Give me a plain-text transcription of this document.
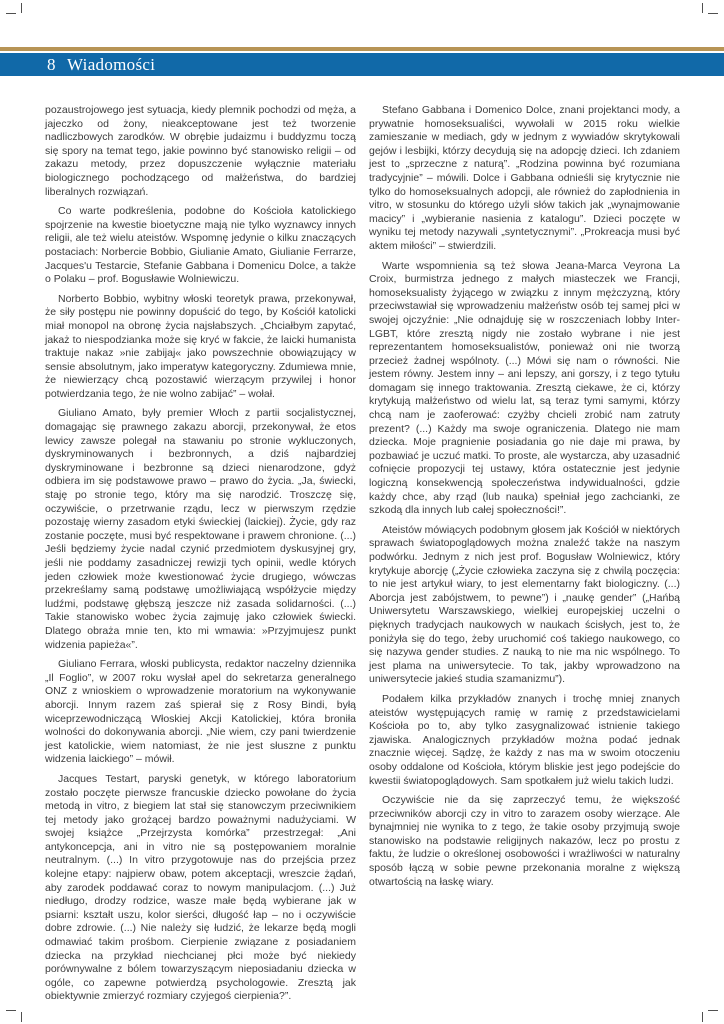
8 Wiadomości

pozaustrojowego jest sytuacja, kiedy plemnik pochodzi od męża, a jajeczko od żony, nieakceptowane jest też tworzenie nadliczbowych zarodków. W obrębie judaizmu i buddyzmu toczą się spory na temat tego, jakie powinno być stanowisko religii – od zakazu metody, przez dopuszczenie wyłącznie materiału biologicznego pochodzącego od małżeństwa, do bardziej liberalnych rozwiązań.

Co warte podkreślenia, podobne do Kościoła katolickiego spojrzenie na kwestie bioetyczne mają nie tylko wyznawcy innych religii, ale też wielu ateistów. Wspomnę jedynie o kilku znaczących postaciach: Norbercie Bobbio, Giulianie Amato, Giulianie Ferrarze, Jacques'u Testarcie, Stefanie Gabbana i Domenicu Dolce, a także o Polaku – prof. Bogusławie Wolniewiczu.

Norberto Bobbio, wybitny włoski teoretyk prawa, przekonywał, że siły postępu nie powinny dopuścić do tego, by Kościół katolicki miał monopol na obronę życia najsłabszych. „Chciałbym zapytać, jakaż to niespodzianka może się kryć w fakcie, że laicki humanista traktuje nakaz »nie zabijaj« jako powszechnie obowiązujący w sensie absolutnym, jako imperatyw kategoryczny. Zdumiewa mnie, że niewierzący chcą pozostawić wierzącym przywilej i honor potwierdzania tego, że nie wolno zabijać” – wołał.

Giuliano Amato, były premier Włoch z partii socjalistycznej, domagając się prawnego zakazu aborcji, przekonywał, że etos lewicy zawsze polegał na stawaniu po stronie wykluczonych, dyskryminowanych i bezbronnych, a dziś najbardziej dyskryminowane i bezbronne są dzieci nienarodzone, gdyż odbiera im się podstawowe prawo – prawo do życia. „Ja, świecki, staję po stronie tego, który ma się narodzić. Troszczę się, oczywiście, o przetrwanie rządu, lecz w pierwszym rzędzie pozostaję wierny zasadom etyki świeckiej (laickiej). Życie, gdy raz zostanie poczęte, musi być respektowane i prawem chronione. (...) Jeśli będziemy życie nadal czynić przedmiotem dyskusyjnej gry, jeśli nie poddamy zasadniczej rewizji tych opinii, wedle których jeden człowiek może kwestionować życie drugiego, wówczas przekreślamy samą podstawę umożliwiającą współżycie między ludźmi, podstawę głębszą jeszcze niż zasada solidarności. (...) Takie stanowisko wobec życia zajmuję jako człowiek świecki. Dlatego obraża mnie ten, kto mi wmawia: »Przyjmujesz punkt widzenia papieża«”.

Giuliano Ferrara, włoski publicysta, redaktor naczelny dziennika „Il Foglio”, w 2007 roku wysłał apel do sekretarza generalnego ONZ z wnioskiem o wprowadzenie moratorium na wykonywanie aborcji. Innym razem zaś spierał się z Rosy Bindi, byłą wiceprzewodniczącą Włoskiej Akcji Katolickiej, która broniła wolności do dokonywania aborcji. „Nie wiem, czy pani twierdzenie jest katolickie, wiem natomiast, że nie jest słuszne z punktu widzenia laickiego” – mówił.

Jacques Testart, paryski genetyk, w którego laboratorium zostało poczęte pierwsze francuskie dziecko powołane do życia metodą in vitro, z biegiem lat stał się stanowczym przeciwnikiem tej metody jako grożącej bardzo poważnymi nadużyciami. W swojej książce „Przejrzysta komórka” przestrzegał: „Ani antykoncepcja, ani in vitro nie są postępowaniem moralnie neutralnym. (...) In vitro przygotowuje nas do przejścia przez kolejne etapy: najpierw obaw, potem akceptacji, wreszcie żądań, aby zarodek poddawać coraz to nowym manipulacjom. (...) Już niedługo, drodzy rodzice, wasze małe będą wybierane jak w psiarni: kształt uszu, kolor sierści, długość łap – no i oczywiście dobre zdrowie. (...) Nie należy się łudzić, że lekarze będą mogli odmawiać takim prośbom. Cierpienie związane z posiadaniem dziecka na przykład niechcianej płci może być niekiedy porównywalne z bólem towarzyszącym nieposiadaniu dziecka w ogóle, co zapewne potwierdzą psychologowie. Zresztą jak obiektywnie zmierzyć rozmiary czyjegoś cierpienia?”.

Stefano Gabbana i Domenico Dolce, znani projektanci mody, a prywatnie homoseksualiści, wywołali w 2015 roku wielkie zamieszanie w mediach, gdy w jednym z wywiadów skrytykowali gejów i lesbijki, którzy decydują się na adopcję dzieci. Ich zdaniem jest to „sprzeczne z naturą”. „Rodzina powinna być rozumiana tradycyjnie” – mówili. Dolce i Gabbana odnieśli się krytycznie nie tylko do homoseksualnych adopcji, ale również do zapłodnienia in vitro, w stosunku do którego użyli słów takich jak „wynajmowanie macicy” i „wybieranie nasienia z katalogu”. Dzieci poczęte w wyniku tej metody nazywali „syntetycznymi”. „Prokreacja musi być aktem miłości” – stwierdzili.

Warte wspomnienia są też słowa Jeana-Marca Veyrona La Croix, burmistrza jednego z małych miasteczek we Francji, homoseksualisty żyjącego w związku z innym mężczyzną, który przeciwstawiał się wprowadzeniu małżeństw osób tej samej płci w swojej ojczyźnie: „Nie odnajduję się w roszczeniach lobby Inter-LGBT, które zresztą nigdy nie zostało wybrane i nie jest reprezentantem homoseksualistów, ponieważ oni nie tworzą przecież żadnej wspólnoty. (...) Mówi się nam o równości. Nie jestem równy. Jestem inny – ani lepszy, ani gorszy, i z tego tytułu domagam się innego traktowania. Zresztą ciekawe, że ci, którzy krytykują małżeństwo od wielu lat, są teraz tymi samymi, którzy chcą nam je zaoferować: czyżby chcieli zrobić nam zatruty prezent? (...) Każdy ma swoje ograniczenia. Dlatego nie mam dziecka. Moje pragnienie posiadania go nie daje mi prawa, by pozbawiać je uczuć matki. To proste, ale wystarcza, aby uzasadnić cofnięcie propozycji tej ustawy, która ostatecznie jest jedynie logiczną konsekwencją społeczeństwa indywidualności, gdzie każdy chce, aby rząd (lub nauka) spełniał jego zachcianki, ze szkodą dla innych lub całej społeczności!”.

Ateistów mówiących podobnym głosem jak Kościół w niektórych sprawach światopoglądowych można znaleźć także na naszym podwórku. Jednym z nich jest prof. Bogusław Wolniewicz, który krytykuje aborcję („Życie człowieka zaczyna się z chwilą poczęcia: to nie jest artykuł wiary, to jest elementarny fakt biologiczny. (...) Aborcja jest zabójstwem, to pewne”) i „naukę gender” („Hańbą Uniwersytetu Warszawskiego, wielkiej europejskiej uczelni o pięknych tradycjach naukowych w naukach ścisłych, jest to, że poniżyła się do tego, żeby uruchomić coś takiego naukowego, co się nazywa gender studies. Z nauką to nie ma nic wspólnego. To jest plama na uniwersytecie. To tak, jakby wprowadzono na uniwersytecie jakieś studia szamanizmu”).

Podałem kilka przykładów znanych i trochę mniej znanych ateistów występujących ramię w ramię z przedstawicielami Kościoła po to, aby tylko zasygnalizować istnienie takiego zjawiska. Analogicznych przykładów można podać jednak znacznie więcej. Sądzę, że każdy z nas ma w swoim otoczeniu osoby oddalone od Kościoła, którym bliskie jest jego podejście do kwestii światopoglądowych. Sam spotkałem już wielu takich ludzi.

Oczywiście nie da się zaprzeczyć temu, że większość przeciwników aborcji czy in vitro to zarazem osoby wierzące. Ale bynajmniej nie wynika to z tego, że takie osoby przyjmują swoje stanowisko na podstawie religijnych nakazów, lecz po prostu z faktu, że ludzie o określonej osobowości i wrażliwości w naturalny sposób łączą w sobie pewne przekonania moralne z większą otwartością na łaskę wiary.
